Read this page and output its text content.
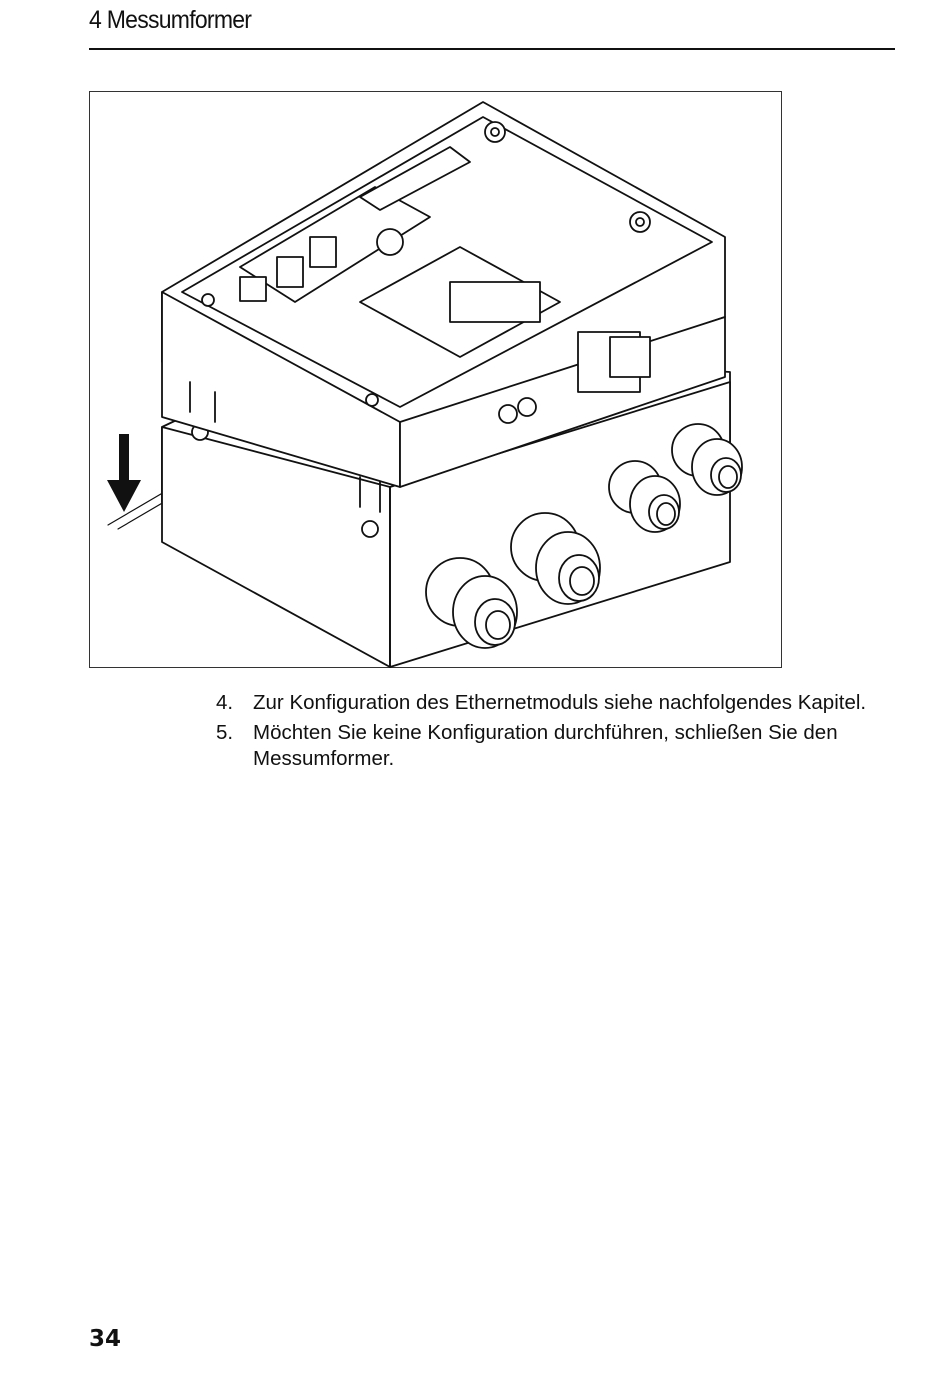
4 Messumformer
4. Zur Konfiguration des Ethernetmoduls siehe nachfolgendes Kapitel.
5. Möchten Sie keine Konfiguration durchführen, schließen Sie den Messumformer.
34
